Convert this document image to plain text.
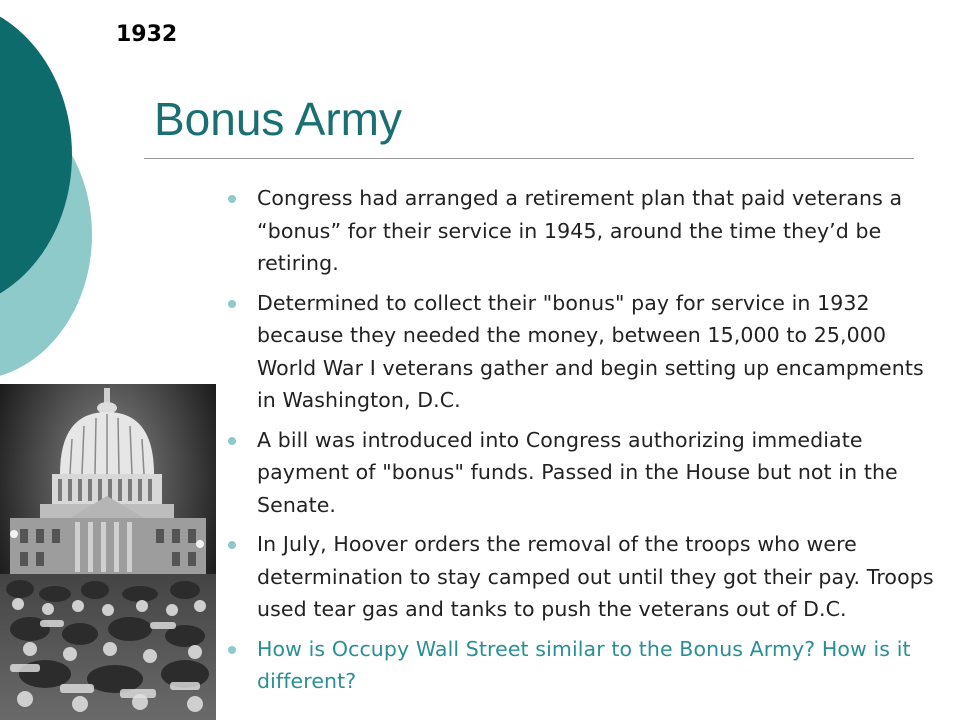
1932
Bonus Army
Congress had arranged a retirement plan that paid veterans a “bonus” for their service in 1945, around the time they’d be retiring.
Determined to collect their "bonus" pay for service in 1932 because they needed the money, between 15,000 to 25,000 World War I veterans gather and begin setting up encampments in Washington, D.C.
A bill was introduced into Congress authorizing immediate payment of "bonus" funds. Passed in the House but not in the Senate.
In July, Hoover orders the removal of the troops who were determination to stay camped out until they got their pay. Troops used tear gas and tanks to push the veterans out of D.C.
How is Occupy Wall Street similar to the Bonus Army? How is it different?
